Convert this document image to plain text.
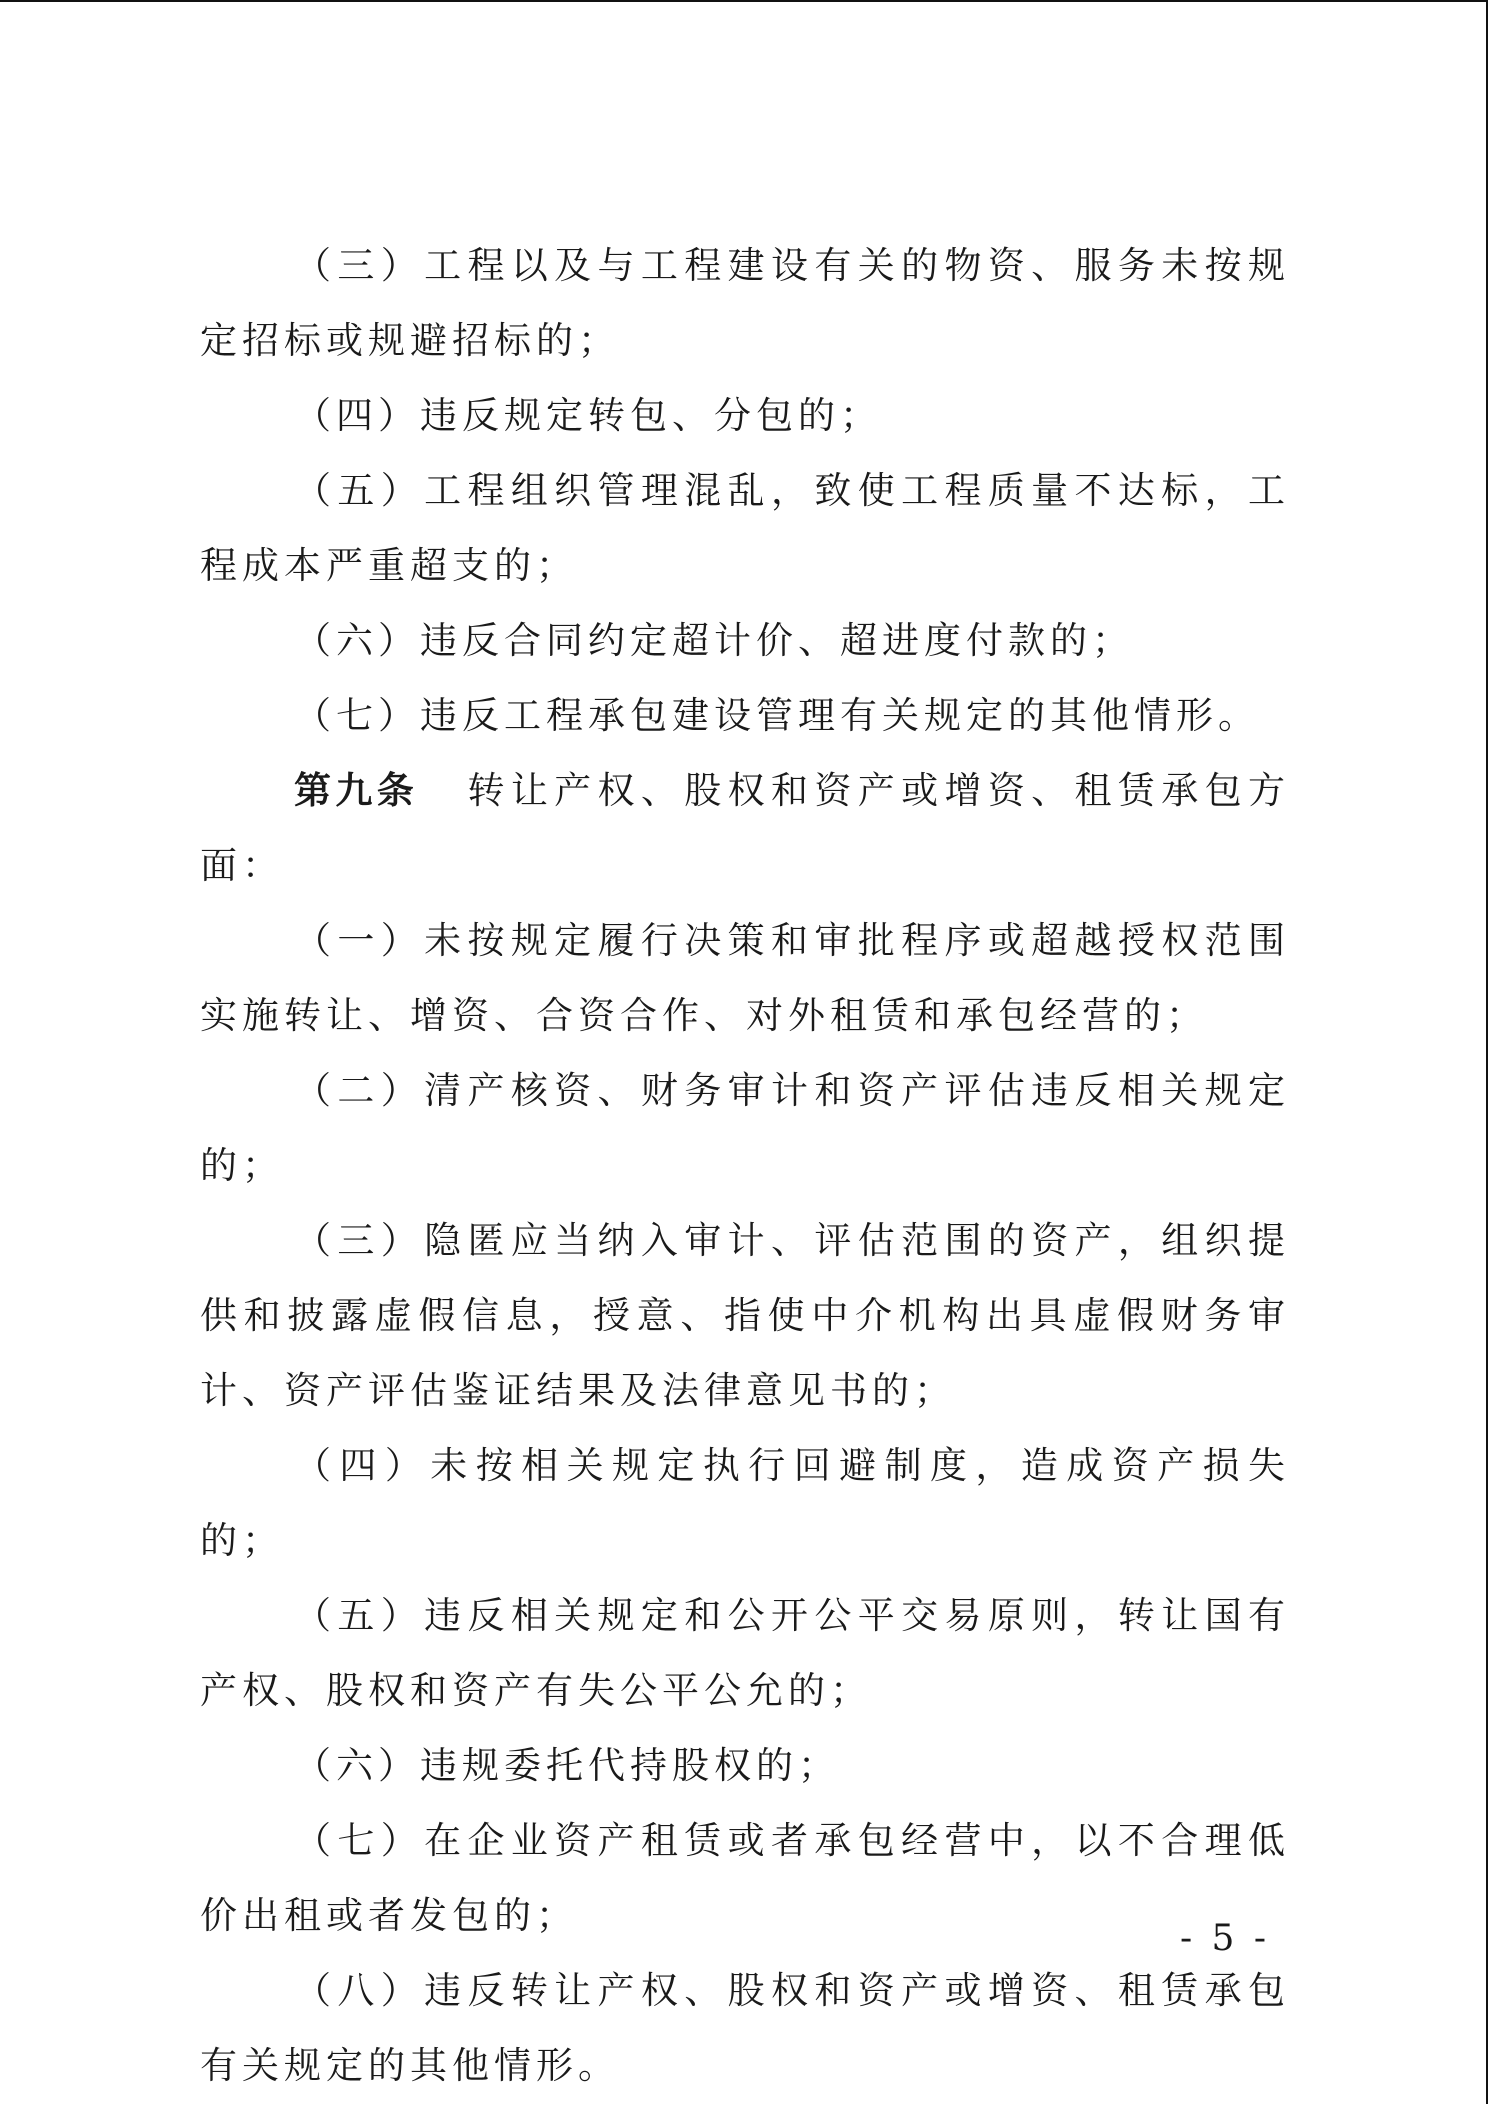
（三）工程以及与工程建设有关的物资、服务未按规定招标或规避招标的；

（四）违反规定转包、分包的；

（五）工程组织管理混乱，致使工程质量不达标，工程成本严重超支的；

（六）违反合同约定超计价、超进度付款的；

（七）违反工程承包建设管理有关规定的其他情形。

第九条 转让产权、股权和资产或增资、租赁承包方面：

（一）未按规定履行决策和审批程序或超越授权范围实施转让、增资、合资合作、对外租赁和承包经营的；

（二）清产核资、财务审计和资产评估违反相关规定的；

（三）隐匿应当纳入审计、评估范围的资产，组织提供和披露虚假信息，授意、指使中介机构出具虚假财务审计、资产评估鉴证结果及法律意见书的；

（四）未按相关规定执行回避制度，造成资产损失的；

（五）违反相关规定和公开公平交易原则，转让国有产权、股权和资产有失公平公允的；

（六）违规委托代持股权的；

（七）在企业资产租赁或者承包经营中，以不合理低价出租或者发包的；

（八）违反转让产权、股权和资产或增资、租赁承包有关规定的其他情形。

- 5 -
